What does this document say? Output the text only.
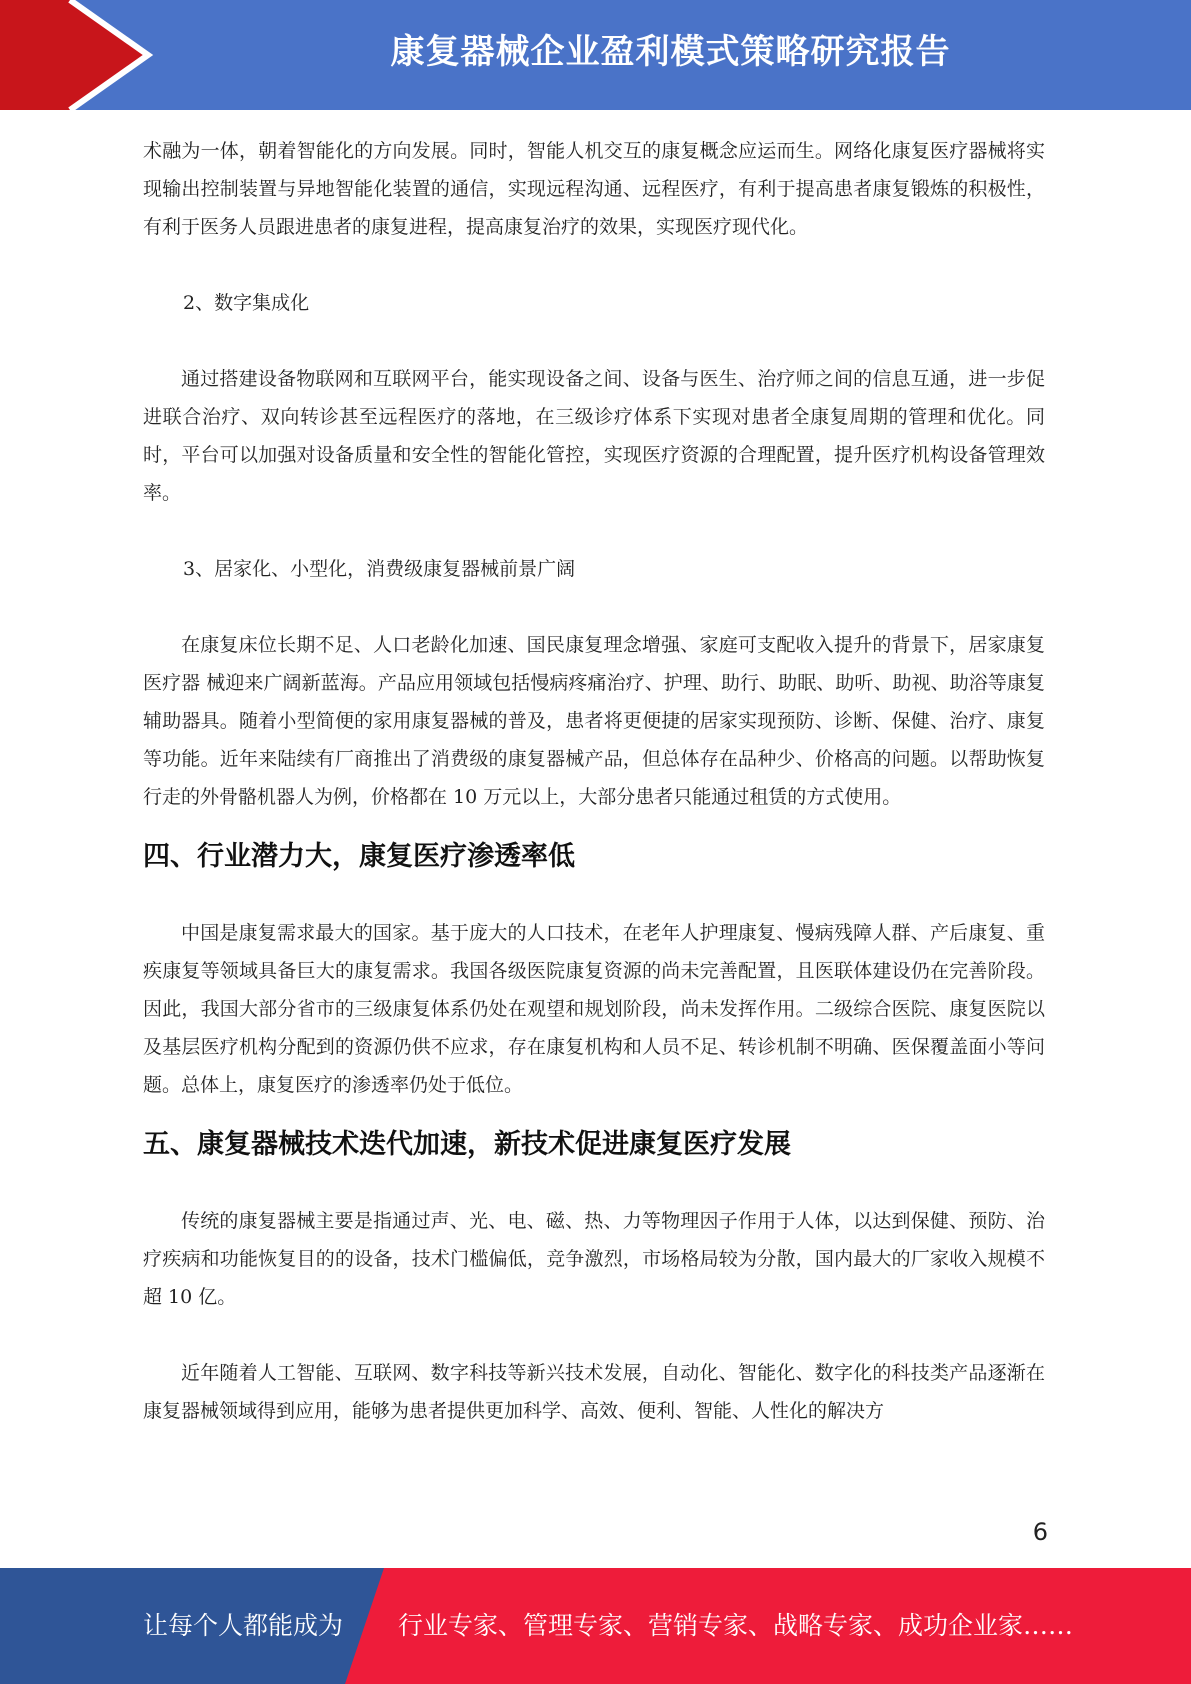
康复器械企业盈利模式策略研究报告

术融为一体，朝着智能化的方向发展。同时，智能人机交互的康复概念应运而生。网络化康复医疗器械将实现输出控制装置与异地智能化装置的通信，实现远程沟通、远程医疗，有利于提高患者康复锻炼的积极性，有利于医务人员跟进患者的康复进程，提高康复治疗的效果，实现医疗现代化。

2、数字集成化

通过搭建设备物联网和互联网平台，能实现设备之间、设备与医生、治疗师之间的信息互通，进一步促进联合治疗、双向转诊甚至远程医疗的落地，在三级诊疗体系下实现对患者全康复周期的管理和优化。同时，平台可以加强对设备质量和安全性的智能化管控，实现医疗资源的合理配置，提升医疗机构设备管理效率。

3、居家化、小型化，消费级康复器械前景广阔

在康复床位长期不足、人口老龄化加速、国民康复理念增强、家庭可支配收入提升的背景下，居家康复医疗器 械迎来广阔新蓝海。产品应用领域包括慢病疼痛治疗、护理、助行、助眠、助听、助视、助浴等康复辅助器具。随着小型简便的家用康复器械的普及，患者将更便捷的居家实现预防、诊断、保健、治疗、康复等功能。近年来陆续有厂商推出了消费级的康复器械产品，但总体存在品种少、价格高的问题。以帮助恢复行走的外骨骼机器人为例，价格都在 10 万元以上，大部分患者只能通过租赁的方式使用。

四、行业潜力大，康复医疗渗透率低

中国是康复需求最大的国家。基于庞大的人口技术，在老年人护理康复、慢病残障人群、产后康复、重疾康复等领域具备巨大的康复需求。我国各级医院康复资源的尚未完善配置，且医联体建设仍在完善阶段。因此，我国大部分省市的三级康复体系仍处在观望和规划阶段，尚未发挥作用。二级综合医院、康复医院以及基层医疗机构分配到的资源仍供不应求，存在康复机构和人员不足、转诊机制不明确、医保覆盖面小等问题。总体上，康复医疗的渗透率仍处于低位。

五、康复器械技术迭代加速，新技术促进康复医疗发展

传统的康复器械主要是指通过声、光、电、磁、热、力等物理因子作用于人体，以达到保健、预防、治疗疾病和功能恢复目的的设备，技术门槛偏低，竞争激烈，市场格局较为分散，国内最大的厂家收入规模不超 10 亿。

近年随着人工智能、互联网、数字科技等新兴技术发展，自动化、智能化、数字化的科技类产品逐渐在康复器械领域得到应用，能够为患者提供更加科学、高效、便利、智能、人性化的解决方

6
让每个人都能成为 行业专家、管理专家、营销专家、战略专家、成功企业家……
